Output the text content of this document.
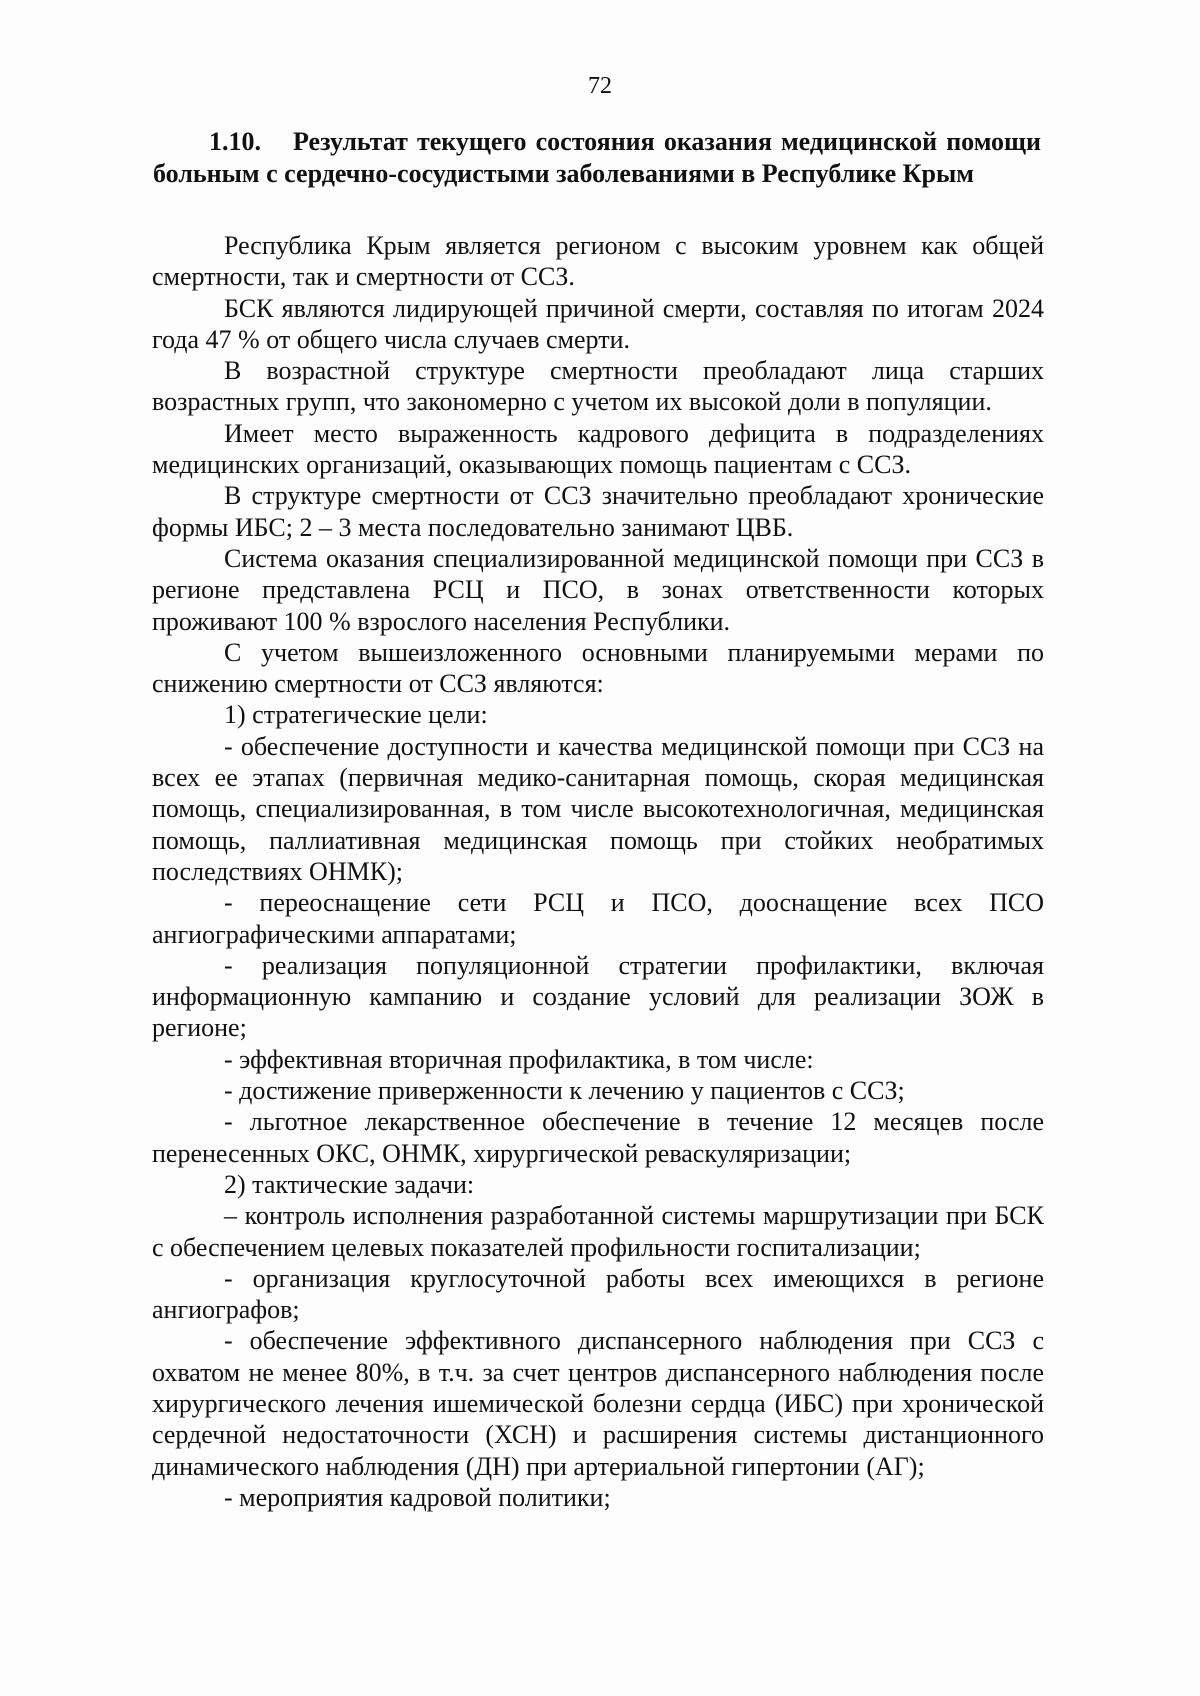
72

1.10. Результат текущего состояния оказания медицинской помощи больным с сердечно-сосудистыми заболеваниями в Республике Крым

Республика Крым является регионом с высоким уровнем как общей смертности, так и смертности от ССЗ.

БСК являются лидирующей причиной смерти, составляя по итогам 2024 года 47 % от общего числа случаев смерти.

В возрастной структуре смертности преобладают лица старших возрастных групп, что закономерно с учетом их высокой доли в популяции.

Имеет место выраженность кадрового дефицита в подразделениях медицинских организаций, оказывающих помощь пациентам с ССЗ.

В структуре смертности от ССЗ значительно преобладают хронические формы ИБС; 2 – 3 места последовательно занимают ЦВБ.

Система оказания специализированной медицинской помощи при ССЗ в регионе представлена РСЦ и ПСО, в зонах ответственности которых проживают 100 % взрослого населения Республики.

С учетом вышеизложенного основными планируемыми мерами по снижению смертности от ССЗ являются:

1) стратегические цели:

- обеспечение доступности и качества медицинской помощи при ССЗ на всех ее этапах (первичная медико-санитарная помощь, скорая медицинская помощь, специализированная, в том числе высокотехнологичная, медицинская помощь, паллиативная медицинская помощь при стойких необратимых последствиях ОНМК);

- переоснащение сети РСЦ и ПСО, дооснащение всех ПСО ангиографическими аппаратами;

- реализация популяционной стратегии профилактики, включая информационную кампанию и создание условий для реализации ЗОЖ в регионе;

- эффективная вторичная профилактика, в том числе:

- достижение приверженности к лечению у пациентов с ССЗ;

- льготное лекарственное обеспечение в течение 12 месяцев после перенесенных ОКС, ОНМК, хирургической реваскуляризации;

2) тактические задачи:

– контроль исполнения разработанной системы маршрутизации при БСК с обеспечением целевых показателей профильности госпитализации;

- организация круглосуточной работы всех имеющихся в регионе ангиографов;

- обеспечение эффективного диспансерного наблюдения при ССЗ с охватом не менее 80%, в т.ч. за счет центров диспансерного наблюдения после хирургического лечения ишемической болезни сердца (ИБС) при хронической сердечной недостаточности (ХСН) и расширения системы дистанционного динамического наблюдения (ДН) при артериальной гипертонии (АГ);

- мероприятия кадровой политики;
